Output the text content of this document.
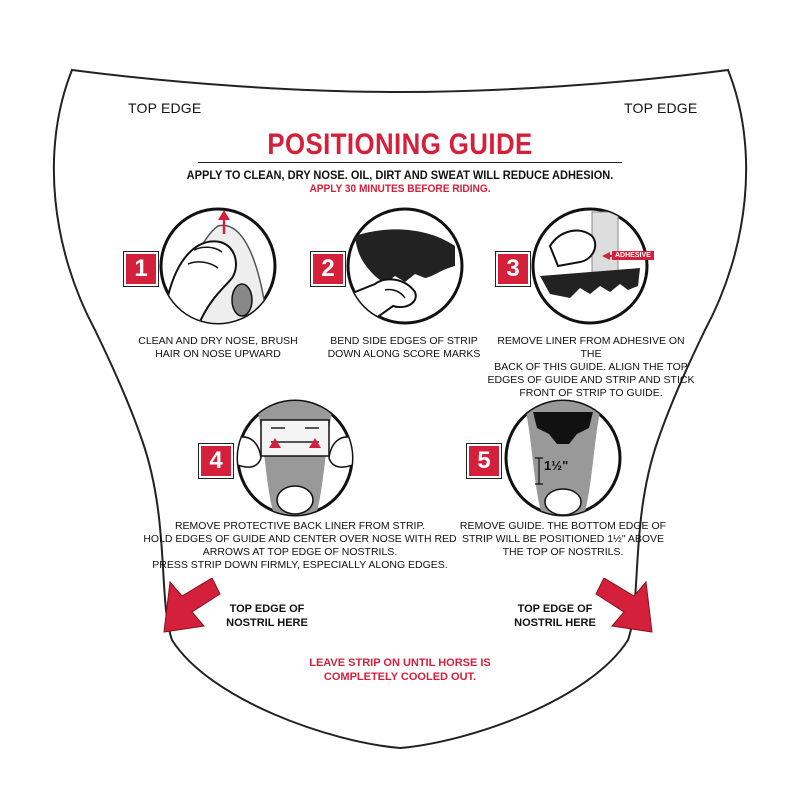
TOP EDGE	TOP EDGE
POSITIONING GUIDE
APPLY TO CLEAN, DRY NOSE. OIL, DIRT AND SWEAT WILL REDUCE ADHESION.
APPLY 30 MINUTES BEFORE RIDING.
1
CLEAN AND DRY NOSE, BRUSH
HAIR ON NOSE UPWARD
2
BEND SIDE EDGES OF STRIP
DOWN ALONG SCORE MARKS
ADHESIVE
3
REMOVE LINER FROM ADHESIVE ON THE
BACK OF THIS GUIDE. ALIGN THE TOP
EDGES OF GUIDE AND STRIP AND STICK
FRONT OF STRIP TO GUIDE.
4
REMOVE PROTECTIVE BACK LINER FROM STRIP.
HOLD EDGES OF GUIDE AND CENTER OVER NOSE WITH RED
ARROWS AT TOP EDGE OF NOSTRILS.
PRESS STRIP DOWN FIRMLY, ESPECIALLY ALONG EDGES.
1½"
5
REMOVE GUIDE. THE BOTTOM EDGE OF
STRIP WILL BE POSITIONED 1½" ABOVE
THE TOP OF NOSTRILS.
TOP EDGE OF
NOSTRIL HERE
TOP EDGE OF
NOSTRIL HERE
LEAVE STRIP ON UNTIL HORSE IS
COMPLETELY COOLED OUT.
